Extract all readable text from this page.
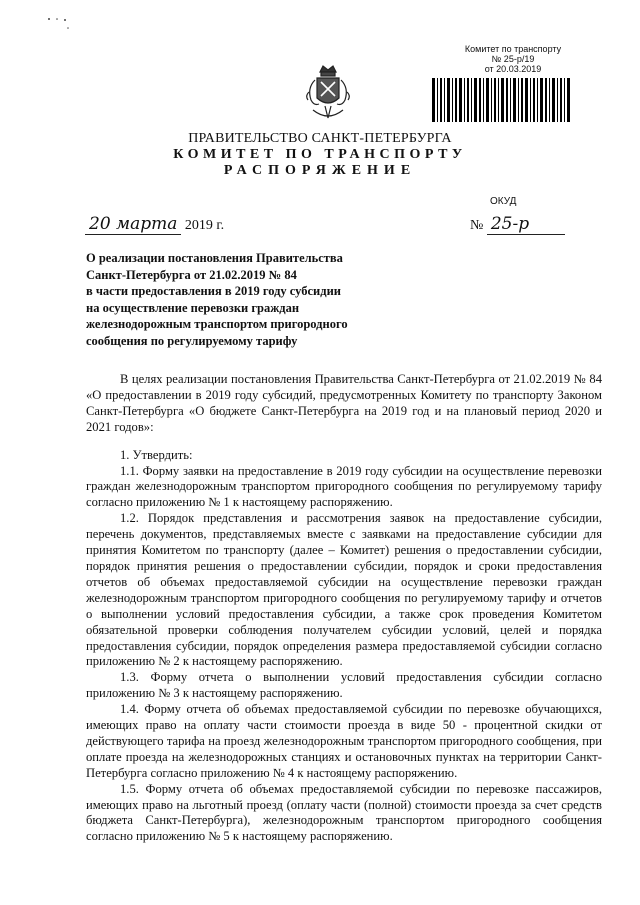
Комитет по транспорту
№ 25-р/19
от 20.03.2019
ПРАВИТЕЛЬСТВО САНКТ-ПЕТЕРБУРГА
КОМИТЕТ ПО ТРАНСПОРТУ
РАСПОРЯЖЕНИЕ
ОКУД
20 марта 2019 г.	№ 25-р
О реализации постановления Правительства
Санкт-Петербурга от 21.02.2019 № 84
в части предоставления в 2019 году субсидии
на осуществление перевозки граждан
железнодорожным транспортом пригородного
сообщения по регулируемому тарифу

В целях реализации постановления Правительства Санкт-Петербурга от 21.02.2019 № 84 «О предоставлении в 2019 году субсидий, предусмотренных Комитету по транспорту Законом Санкт-Петербурга «О бюджете Санкт-Петербурга на 2019 год и на плановый период 2020 и 2021 годов»:

1. Утвердить:

1.1. Форму заявки на предоставление в 2019 году субсидии на осуществление перевозки граждан железнодорожным транспортом пригородного сообщения по регулируемому тарифу согласно приложению № 1 к настоящему распоряжению.

1.2. Порядок представления и рассмотрения заявок на предоставление субсидии, перечень документов, представляемых вместе с заявками на предоставление субсидии для принятия Комитетом по транспорту (далее – Комитет) решения о предоставлении субсидии, порядок принятия решения о предоставлении субсидии, порядок и сроки предоставления отчетов об объемах предоставляемой субсидии на осуществление перевозки граждан железнодорожным транспортом пригородного сообщения по регулируемому тарифу и отчетов о выполнении условий предоставления субсидии, а также срок проведения Комитетом обязательной проверки соблюдения получателем субсидии условий, целей и порядка предоставления субсидии, порядок определения размера предоставляемой субсидии согласно приложению № 2 к настоящему распоряжению.

1.3. Форму отчета о выполнении условий предоставления субсидии согласно приложению № 3 к настоящему распоряжению.

1.4. Форму отчета об объемах предоставляемой субсидии по перевозке обучающихся, имеющих право на оплату части стоимости проезда в виде 50 - процентной скидки от действующего тарифа на проезд железнодорожным транспортом пригородного сообщения, при оплате проезда на железнодорожных станциях и остановочных пунктах на территории Санкт-Петербурга согласно приложению № 4 к настоящему распоряжению.

1.5. Форму отчета об объемах предоставляемой субсидии по перевозке пассажиров, имеющих право на льготный проезд (оплату части (полной) стоимости проезда за счет средств бюджета Санкт-Петербурга), железнодорожным транспортом пригородного сообщения согласно приложению № 5 к настоящему распоряжению.
